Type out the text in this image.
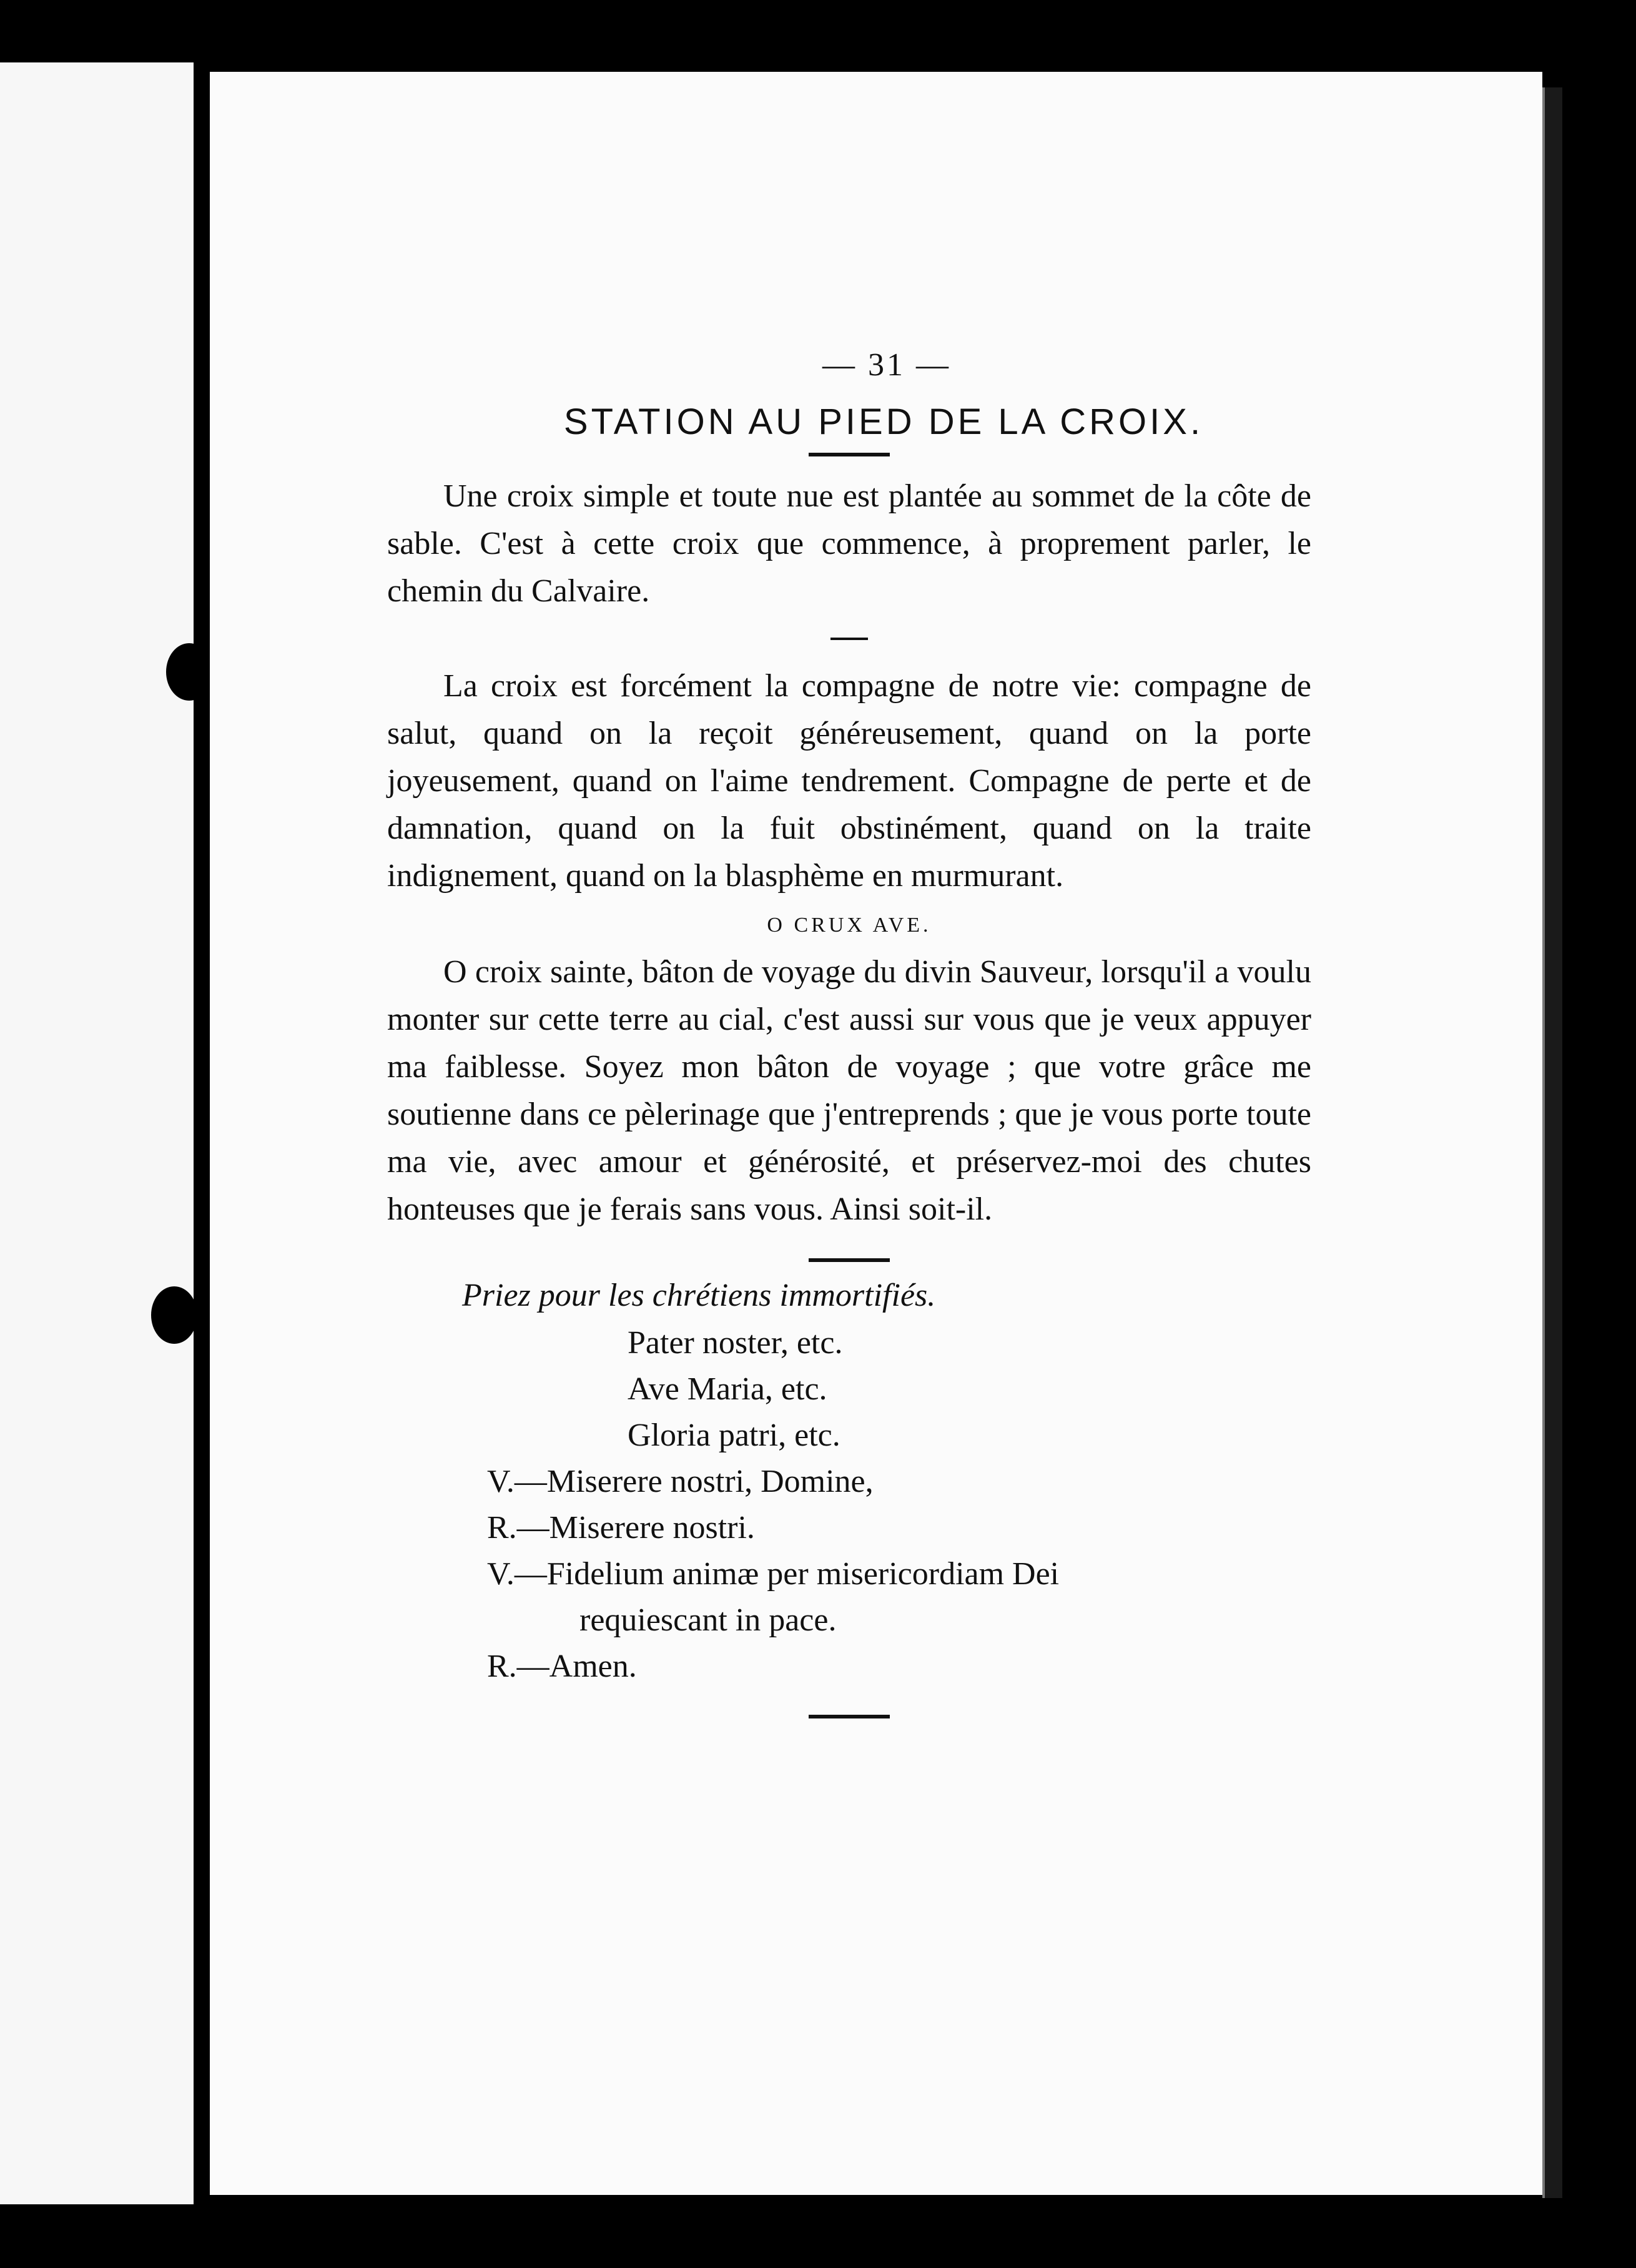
— 31 —
STATION AU PIED DE LA CROIX.

Une croix simple et toute nue est plantée au sommet de la côte de sable. C'est à cette croix que commence, à proprement parler, le chemin du Calvaire.

La croix est forcément la compagne de notre vie: compagne de salut, quand on la reçoit généreusement, quand on la porte joyeusement, quand on l'aime tendrement. Compagne de perte et de damnation, quand on la fuit obstinément, quand on la traite indignement, quand on la blasphème en murmurant.

O CRUX AVE.

O croix sainte, bâton de voyage du divin Sauveur, lorsqu'il a voulu monter sur cette terre au cial, c'est aussi sur vous que je veux appuyer ma faiblesse. Soyez mon bâton de voyage ; que votre grâce me soutienne dans ce pèlerinage que j'entreprends ; que je vous porte toute ma vie, avec amour et générosité, et préservez-moi des chutes honteuses que je ferais sans vous. Ainsi soit-il.

Priez pour les chrétiens immortifiés.
Pater noster, etc.
Ave Maria, etc.
Gloria patri, etc.
V.—Miserere nostri, Domine,
R.—Miserere nostri.
V.—Fidelium animæ per misericordiam Dei
requiescant in pace.
R.—Amen.
